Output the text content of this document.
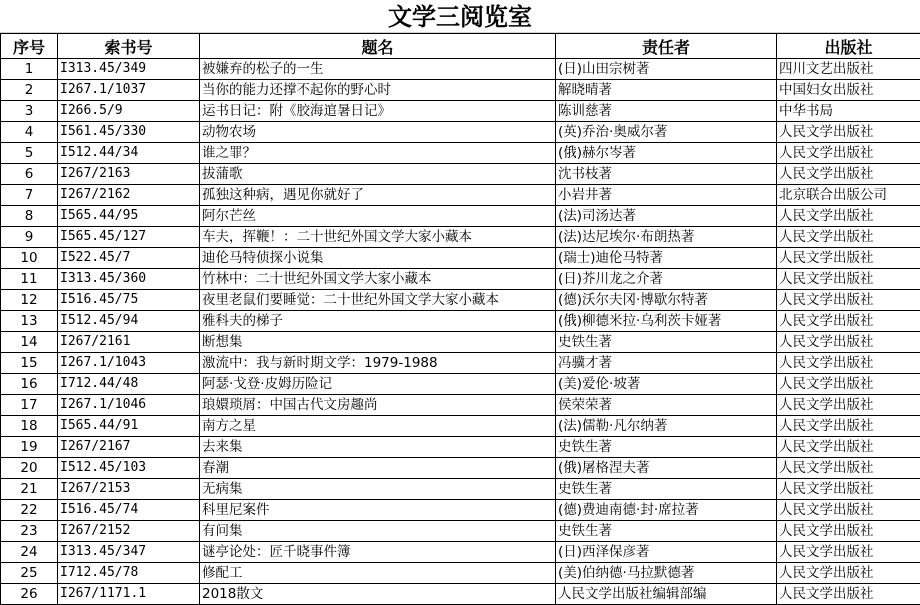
文学三阅览室
序号	索书号	题名	责任者	出版社
1	I313.45/349	被嫌弃的松子的一生	(日)山田宗树著	四川文艺出版社
2	I267.1/1037	当你的能力还撑不起你的野心时	解晓晴著	中国妇女出版社
3	I266.5/9	运书日记：附《胶海逭暑日记》	陈训慈著	中华书局
4	I561.45/330	动物农场	(英)乔治·奥威尔著	人民文学出版社
5	I512.44/34	谁之罪？	(俄)赫尔岑著	人民文学出版社
6	I267/2163	拔蒲歌	沈书枝著	人民文学出版社
7	I267/2162	孤独这种病，遇见你就好了	小岩井著	北京联合出版公司
8	I565.44/95	阿尔芒丝	(法)司汤达著	人民文学出版社
9	I565.45/127	车夫，挥鞭！：二十世纪外国文学大家小藏本	(法)达尼埃尔·布朗热著	人民文学出版社
10	I522.45/7	迪伦马特侦探小说集	(瑞士)迪伦马特著	人民文学出版社
11	I313.45/360	竹林中：二十世纪外国文学大家小藏本	(日)芥川龙之介著	人民文学出版社
12	I516.45/75	夜里老鼠们要睡觉：二十世纪外国文学大家小藏本	(德)沃尔夫冈·博歇尔特著	人民文学出版社
13	I512.45/94	雅科夫的梯子	(俄)柳德米拉·乌利茨卡娅著	人民文学出版社
14	I267/2161	断想集	史铁生著	人民文学出版社
15	I267.1/1043	激流中：我与新时期文学：1979-1988	冯骥才著	人民文学出版社
16	I712.44/48	阿瑟·戈登·皮姆历险记	(美)爱伦·坡著	人民文学出版社
17	I267.1/1046	琅嬛琐屑：中国古代文房趣尚	侯荣荣著	人民文学出版社
18	I565.44/91	南方之星	(法)儒勒·凡尔纳著	人民文学出版社
19	I267/2167	去来集	史铁生著	人民文学出版社
20	I512.45/103	春潮	(俄)屠格涅夫著	人民文学出版社
21	I267/2153	无病集	史铁生著	人民文学出版社
22	I516.45/74	科里尼案件	(德)费迪南德·封·席拉著	人民文学出版社
23	I267/2152	有问集	史铁生著	人民文学出版社
24	I313.45/347	谜亭论处：匠千晓事件簿	(日)西泽保彦著	人民文学出版社
25	I712.45/78	修配工	(美)伯纳德·马拉默德著	人民文学出版社
26	I267/1171.1	2018散文	人民文学出版社编辑部编	人民文学出版社
